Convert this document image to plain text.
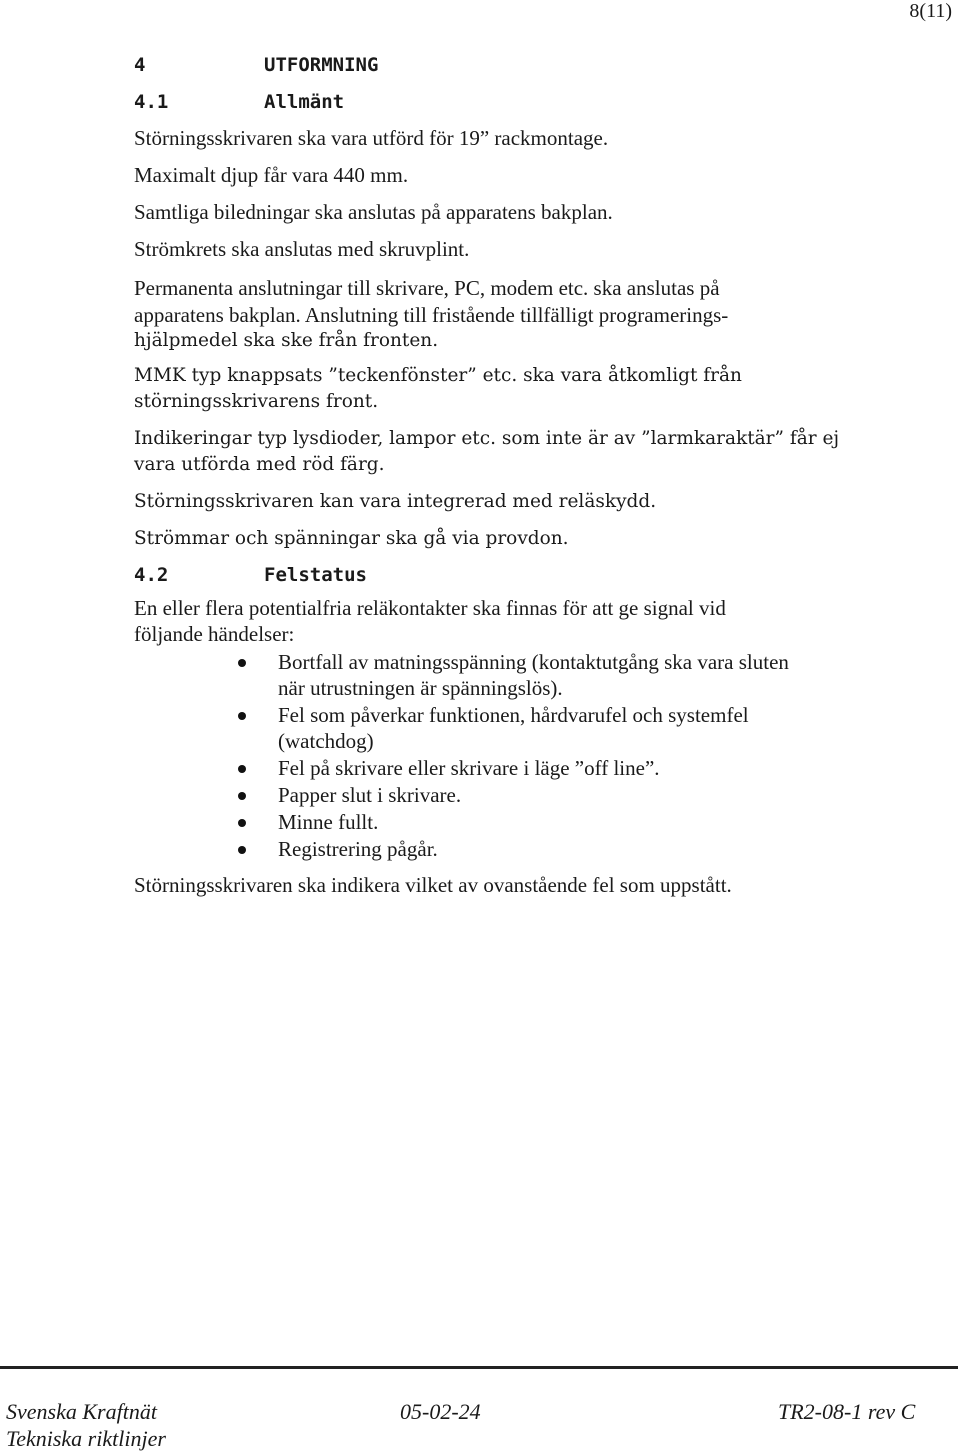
8(11)
4	UTFORMNING
4.1	Allmänt

Störningsskrivaren ska vara utförd för 19” rackmontage.

Maximalt djup får vara 440 mm.

Samtliga biledningar ska anslutas på apparatens bakplan.

Strömkrets ska anslutas med skruvplint.

Permanenta anslutningar till skrivare, PC, modem etc. ska anslutas på

apparatens bakplan. Anslutning till fristående tillfälligt programerings-

hjälpmedel ska ske från fronten.

MMK typ knappsats ”teckenfönster” etc. ska vara åtkomligt från

störningsskrivarens front.

Indikeringar typ lysdioder, lampor etc. som inte är av ”larmkaraktär” får ej

vara utförda med röd färg.

Störningsskrivaren kan vara integrerad med reläskydd.

Strömmar och spänningar ska gå via provdon.

4.2	Felstatus

En eller flera potentialfria reläkontakter ska finnas för att ge signal vid

följande händelser:

Bortfall av matningsspänning (kontaktutgång ska vara sluten
när utrustningen är spänningslös).
Fel som påverkar funktionen, hårdvarufel och systemfel
(watchdog)
Fel på skrivare eller skrivare i läge ”off line”.
Papper slut i skrivare.
Minne fullt.
Registrering pågår.

Störningsskrivaren ska indikera vilket av ovanstående fel som uppstått.

Svenska Kraftnät	05-02-24	TR2-08-1 rev C
Tekniska riktlinjer
